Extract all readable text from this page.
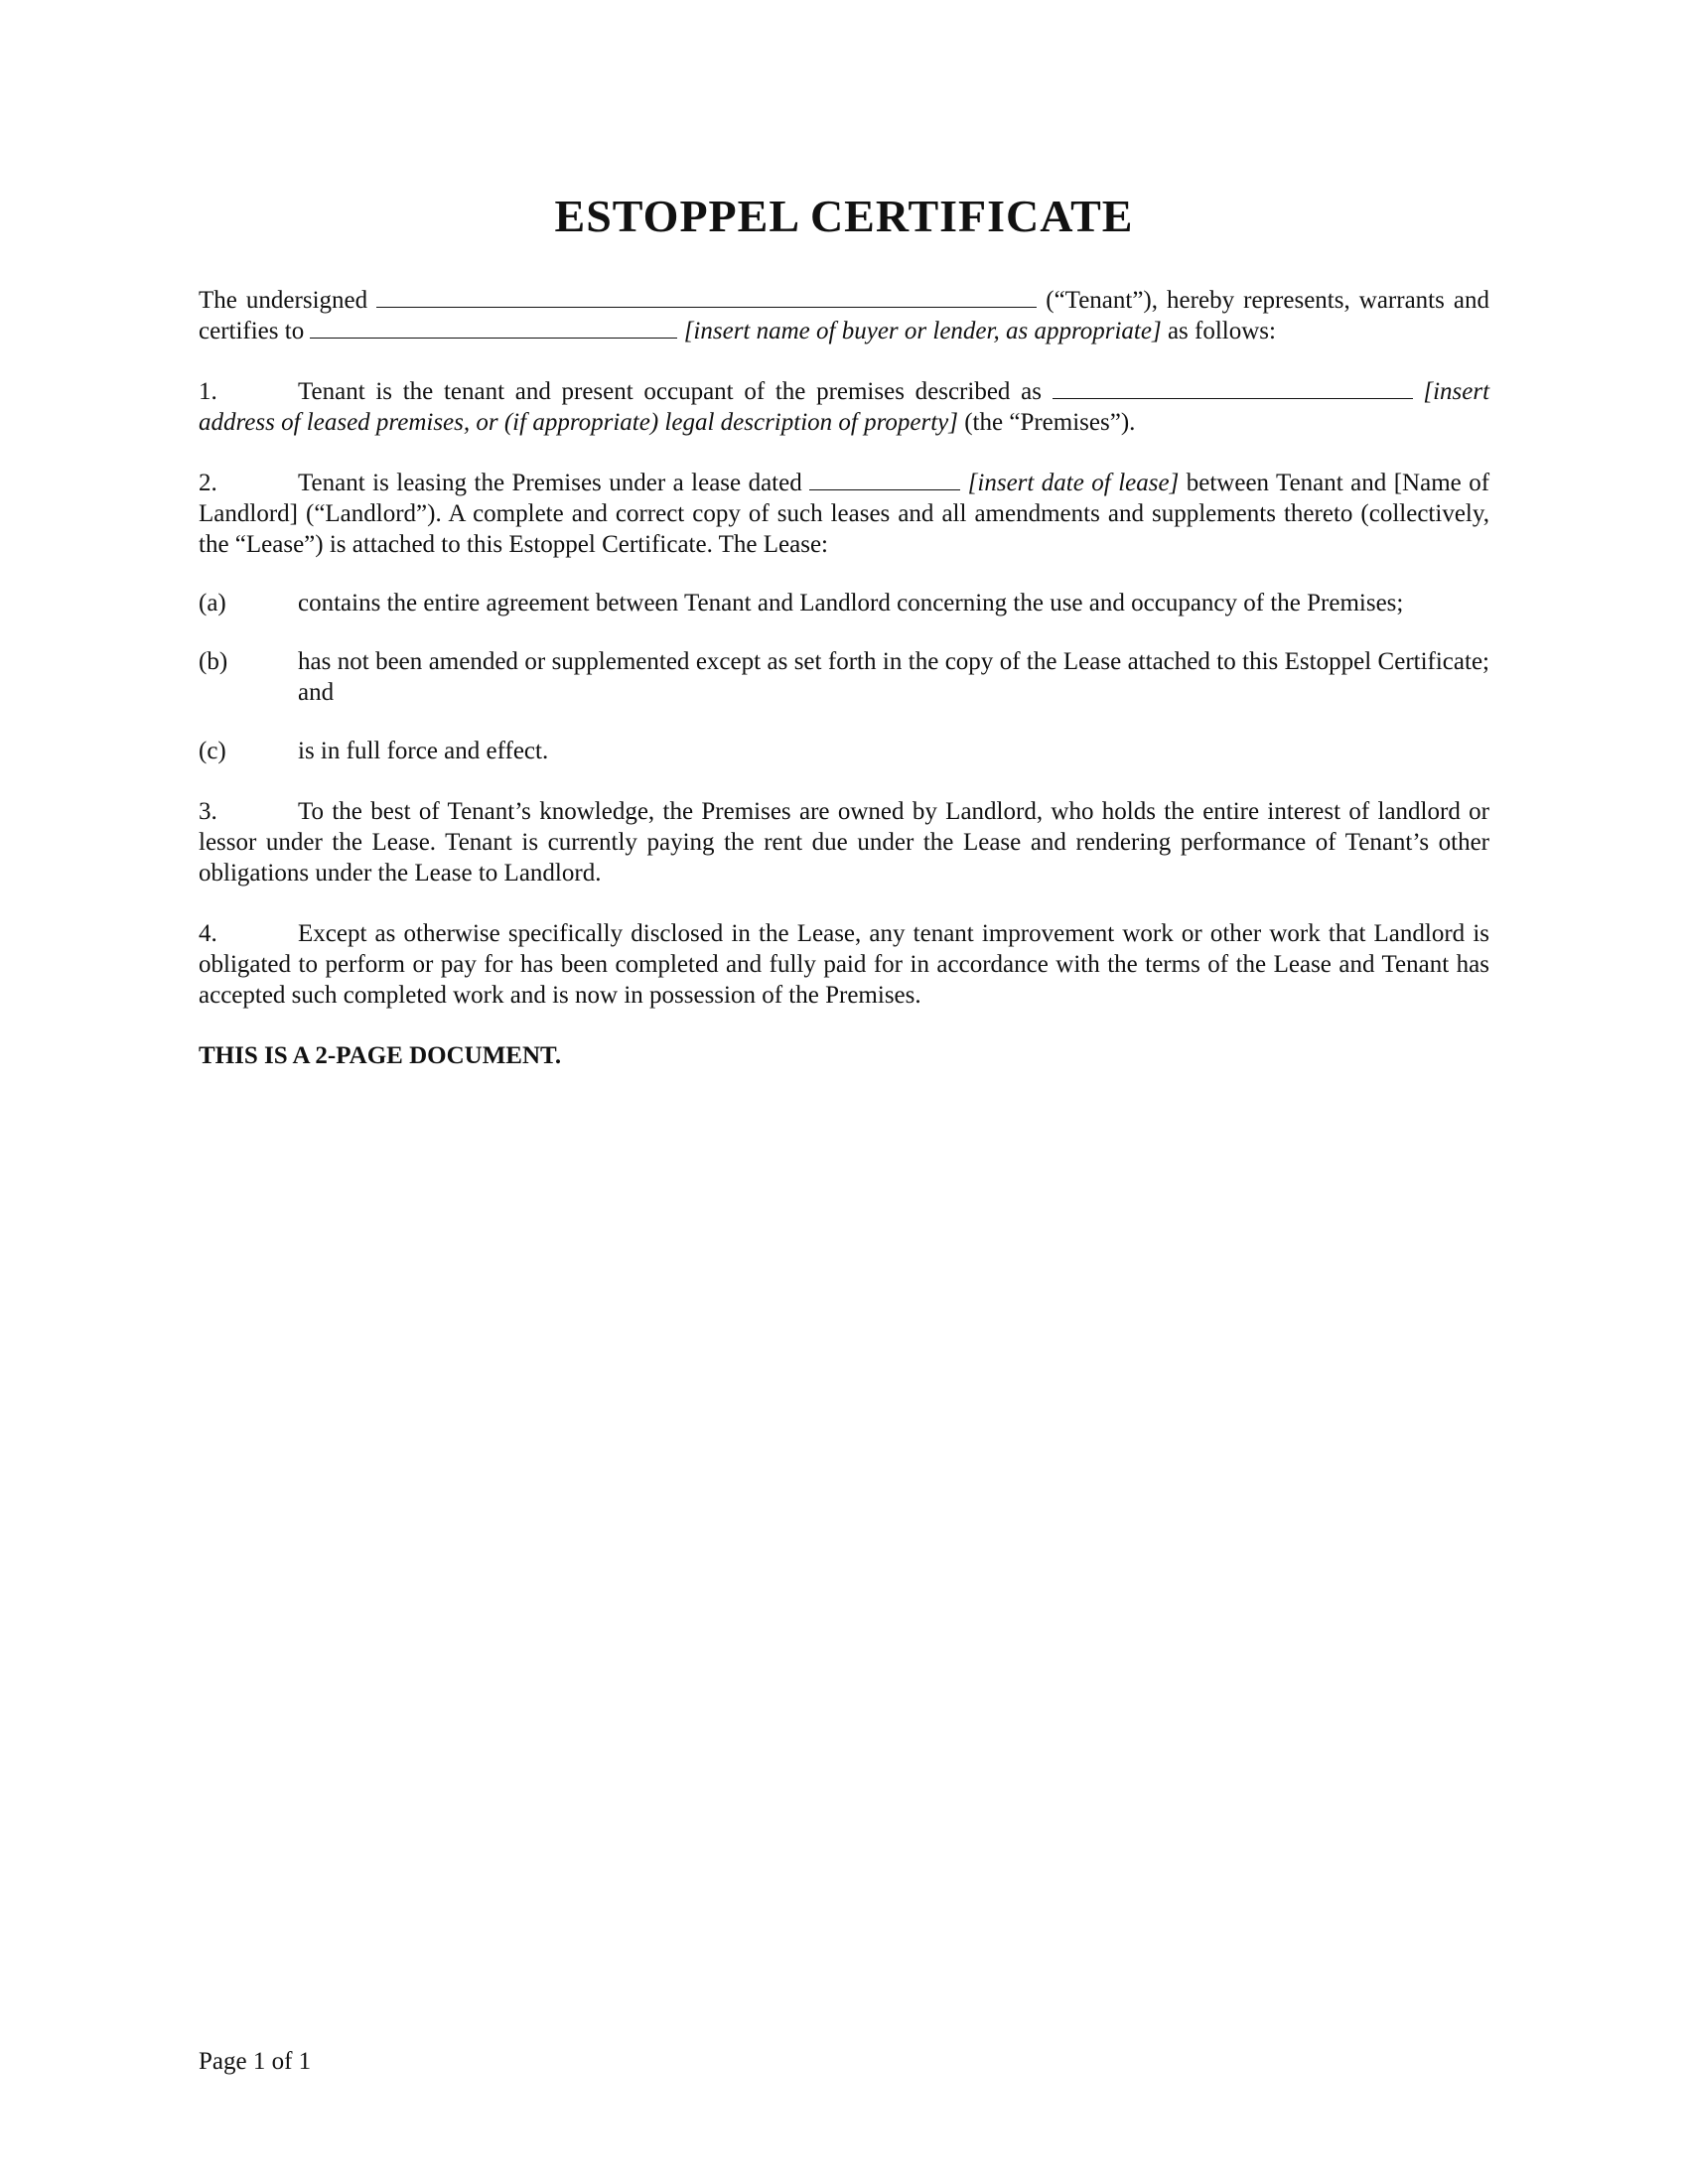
ESTOPPEL CERTIFICATE

The undersigned	(“Tenant”), hereby represents, warrants and certifies to	[insert name of buyer or lender, as appropriate] as follows:

1.	Tenant is the tenant and present occupant of the premises described as	[insert address of leased premises, or (if appropriate) legal description of property] (the “Premises”).

2.	Tenant is leasing the Premises under a lease dated	[insert date of lease] between Tenant and [Name of Landlord] (“Landlord”). A complete and correct copy of such leases and all amendments and supplements thereto (collectively, the “Lease”) is attached to this Estoppel Certificate. The Lease:

(a)	contains the entire agreement between Tenant and Landlord concerning the use and occupancy of the Premises;
(b)	has not been amended or supplemented except as set forth in the copy of the Lease attached to this Estoppel Certificate; and
(c)	is in full force and effect.

3.	To the best of Tenant’s knowledge, the Premises are owned by Landlord, who holds the entire interest of landlord or lessor under the Lease. Tenant is currently paying the rent due under the Lease and rendering performance of Tenant’s other obligations under the Lease to Landlord.

4.	Except as otherwise specifically disclosed in the Lease, any tenant improvement work or other work that Landlord is obligated to perform or pay for has been completed and fully paid for in accordance with the terms of the Lease and Tenant has accepted such completed work and is now in possession of the Premises.

THIS IS A 2-PAGE DOCUMENT.

Page 1 of 1
